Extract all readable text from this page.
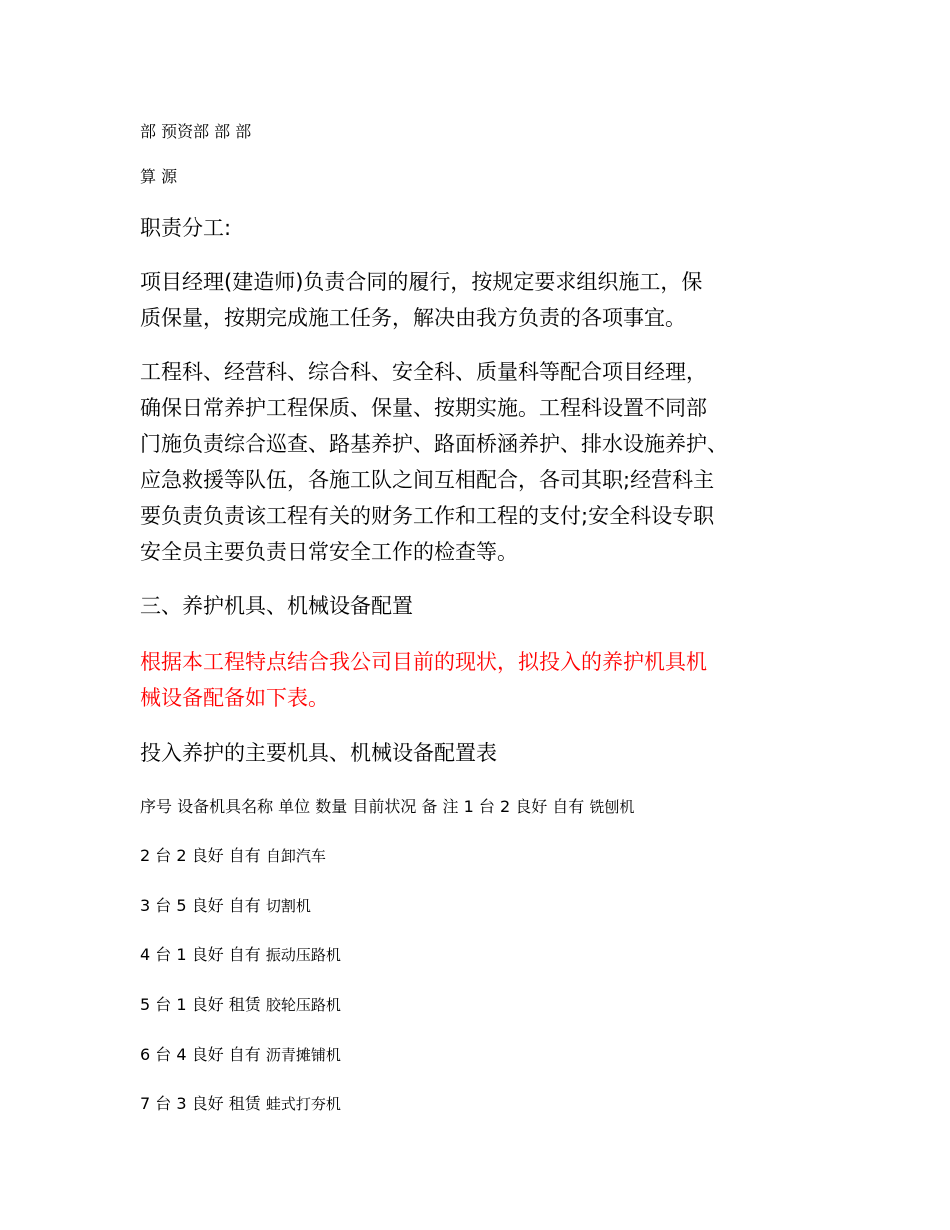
部 预资部 部 部

算 源

职责分工:

项目经理(建造师)负责合同的履行，按规定要求组织施工，保
质保量，按期完成施工任务，解决由我方负责的各项事宜。
工程科、经营科、综合科、安全科、质量科等配合项目经理，
确保日常养护工程保质、保量、按期实施。工程科设置不同部
门施负责综合巡查、路基养护、路面桥涵养护、排水设施养护、
应急救援等队伍，各施工队之间互相配合，各司其职;经营科主
要负责负责该工程有关的财务工作和工程的支付;安全科设专职
安全员主要负责日常安全工作的检查等。

三、养护机具、机械设备配置

根据本工程特点结合我公司目前的现状，拟投入的养护机具机
械设备配备如下表。

投入养护的主要机具、机械设备配置表

序号 设备机具名称 单位 数量 目前状况 备 注 1 台 2 良好 自有 铣刨机

2 台 2 良好 自有 自卸汽车

3 台 5 良好 自有 切割机

4 台 1 良好 自有 振动压路机

5 台 1 良好 租赁 胶轮压路机

6 台 4 良好 自有 沥青摊铺机

7 台 3 良好 租赁 蛙式打夯机
